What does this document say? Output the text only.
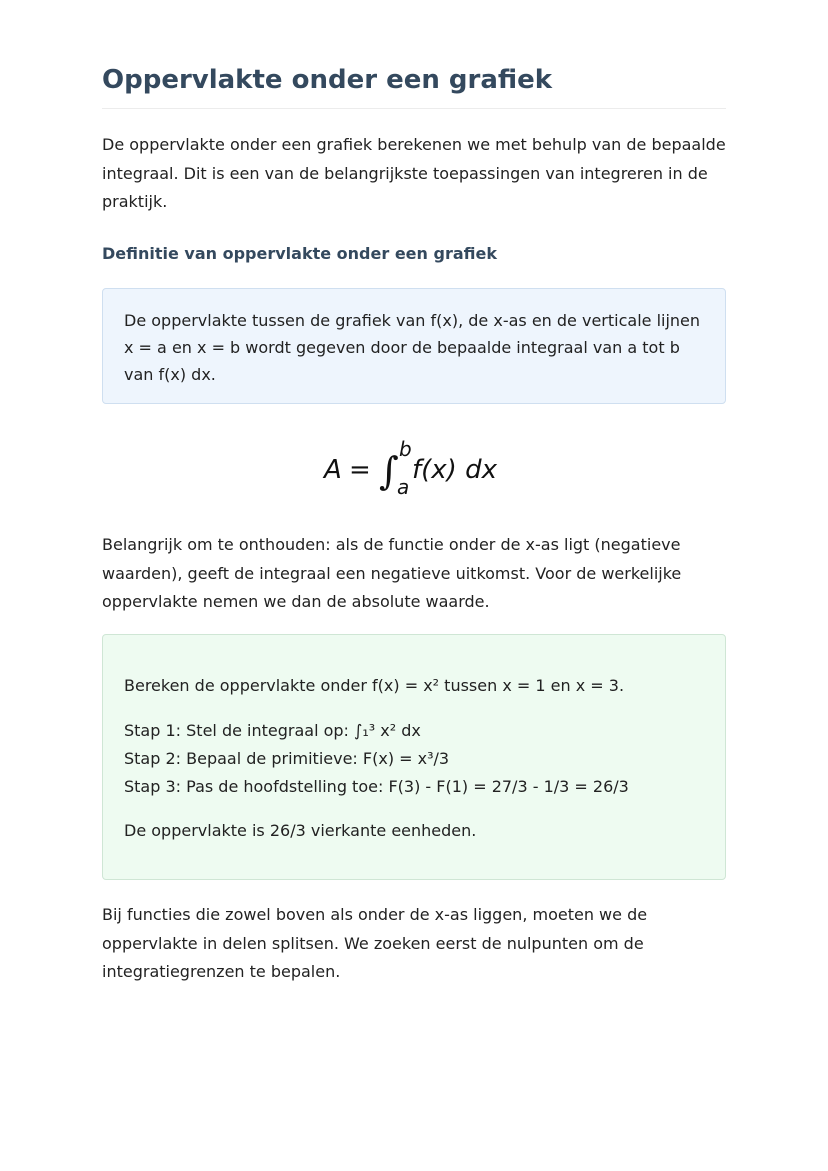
Oppervlakte onder een grafiek

De oppervlakte onder een grafiek berekenen we met behulp van de bepaalde integraal. Dit is een van de belangrijkste toepassingen van integreren in de praktijk.

Definitie van oppervlakte onder een grafiek

De oppervlakte tussen de grafiek van f(x), de x-as en de verticale lijnen x = a en x = b wordt gegeven door de bepaalde integraal van a tot b van f(x) dx.

A = ∫ b
a
f(x) dx

Belangrijk om te onthouden: als de functie onder de x-as ligt (negatieve waarden), geeft de integraal een negatieve uitkomst. Voor de werkelijke oppervlakte nemen we dan de absolute waarde.

Bereken de oppervlakte onder f(x) = x² tussen x = 1 en x = 3.
Stap 1: Stel de integraal op: ∫₁³ x² dx
Stap 2: Bepaal de primitieve: F(x) = x³/3
Stap 3: Pas de hoofdstelling toe: F(3) - F(1) = 27/3 - 1/3 = 26/3
De oppervlakte is 26/3 vierkante eenheden.

Bij functies die zowel boven als onder de x-as liggen, moeten we de oppervlakte in delen splitsen. We zoeken eerst de nulpunten om de integratiegrenzen te bepalen.
